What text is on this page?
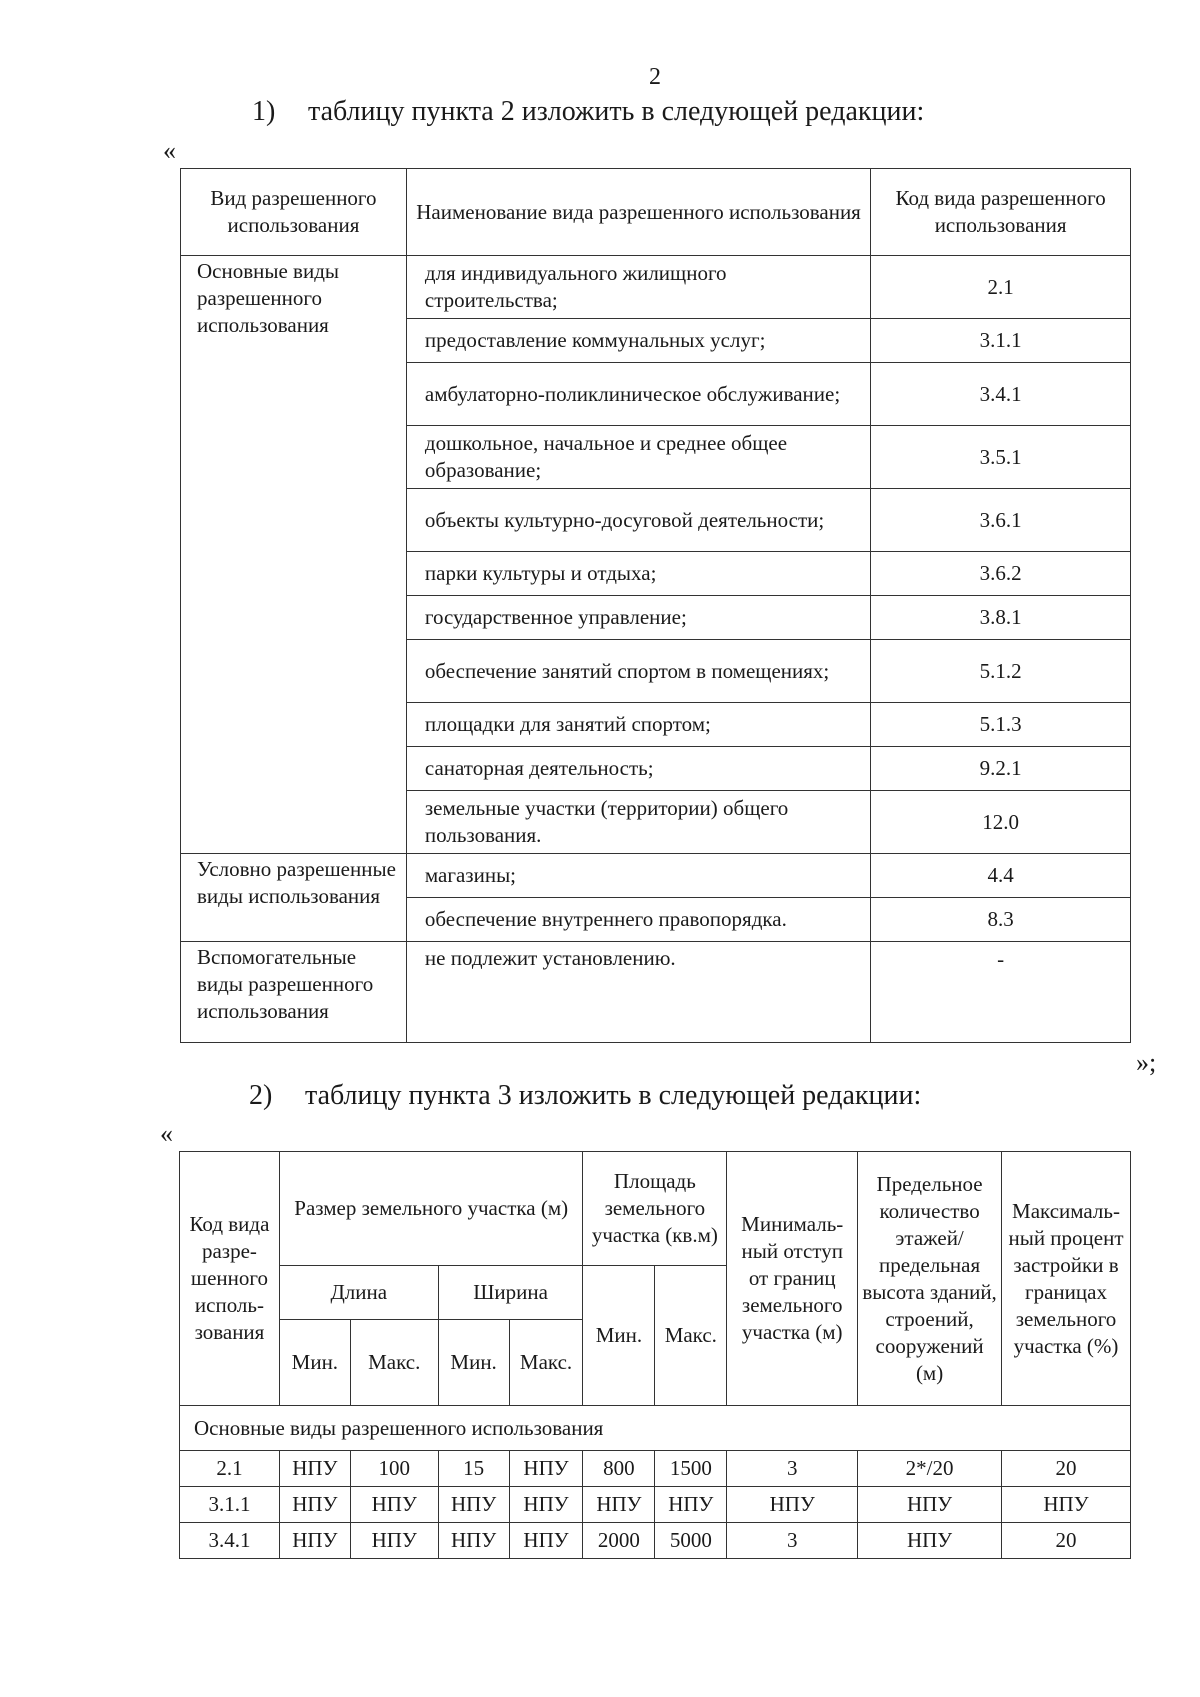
2
1) таблицу пункта 2 изложить в следующей редакции:
«
Вид разрешенного использования	Наименование вида разрешенного использования	Код вида разрешенного использования
Основные виды разрешенного использования	для индивидуального жилищного строительства;	2.1
	предоставление коммунальных услуг;	3.1.1
	амбулаторно-поликлиническое обслуживание;	3.4.1
	дошкольное, начальное и среднее общее образование;	3.5.1
	объекты культурно-досуговой деятельности;	3.6.1
	парки культуры и отдыха;	3.6.2
	государственное управление;	3.8.1
	обеспечение занятий спортом в помещениях;	5.1.2
	площадки для занятий спортом;	5.1.3
	санаторная деятельность;	9.2.1
	земельные участки (территории) общего пользования.	12.0
Условно разрешенные виды использования	магазины;	4.4
	обеспечение внутреннего правопорядка.	8.3
Вспомогательные виды разрешенного использования	не подлежит установлению.	-
»;
2) таблицу пункта 3 изложить в следующей редакции:
«
Код вида разре-шенного исполь-зования	Размер земельного участка (м)				Площадь земельного участка (кв.м)		Минималь-ный отступ от границ земельного участка (м)	Предельное количество этажей/ предельная высота зданий, строений, сооружений (м)	Максималь-ный процент застройки в границах земельного участка (%)
	Длина		Ширина		Мин.	Макс.			
	Мин.	Макс.	Мин.	Макс.					
Основные виды разрешенного использования									
2.1	НПУ	100	15	НПУ	800	1500	3	2*/20	20
3.1.1	НПУ	НПУ	НПУ	НПУ	НПУ	НПУ	НПУ	НПУ	НПУ
3.4.1	НПУ	НПУ	НПУ	НПУ	2000	5000	3	НПУ	20
